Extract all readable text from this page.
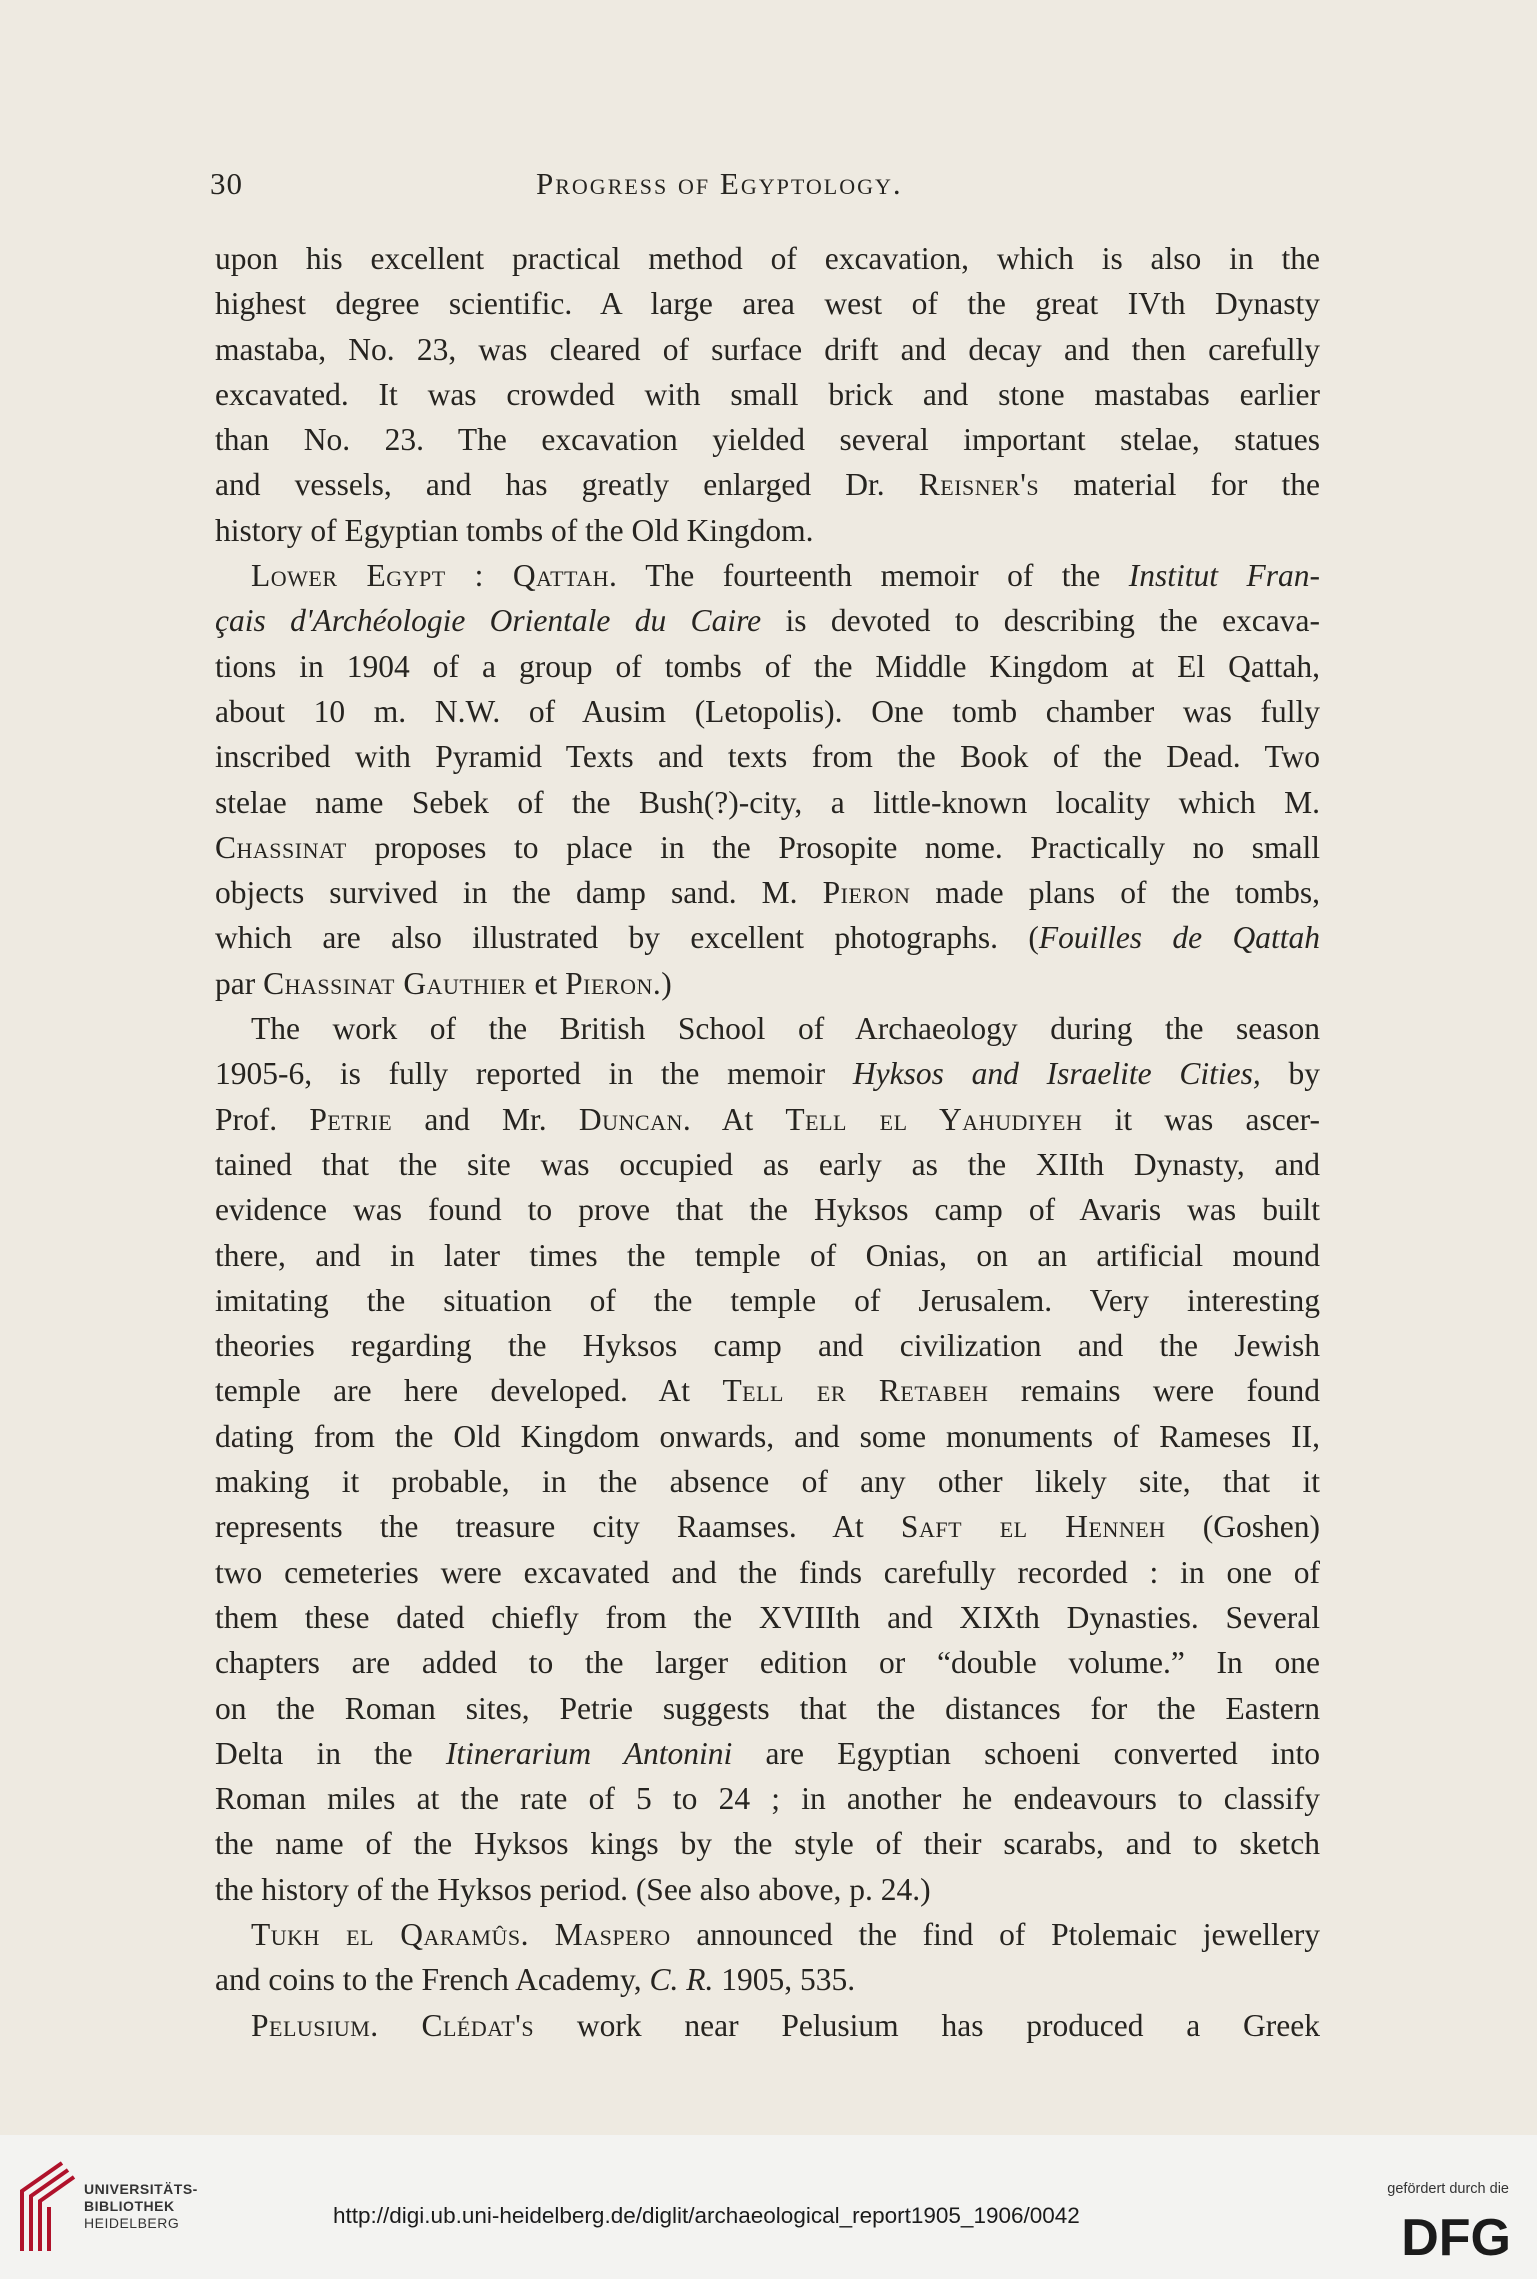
30	Progress of Egyptology.
upon his excellent practical method of excavation, which is also in the
highest degree scientific. A large area west of the great IVth Dynasty
mastaba, No. 23, was cleared of surface drift and decay and then carefully
excavated. It was crowded with small brick and stone mastabas earlier
than No. 23. The excavation yielded several important stelae, statues
and vessels, and has greatly enlarged Dr. Reisner's material for the
history of Egyptian tombs of the Old Kingdom.
Lower Egypt : Qattah. The fourteenth memoir of the Institut Fran-
çais d'Archéologie Orientale du Caire is devoted to describing the excava-
tions in 1904 of a group of tombs of the Middle Kingdom at El Qattah,
about 10 m. N.W. of Ausim (Letopolis). One tomb chamber was fully
inscribed with Pyramid Texts and texts from the Book of the Dead. Two
stelae name Sebek of the Bush(?)-city, a little-known locality which M.
Chassinat proposes to place in the Prosopite nome. Practically no small
objects survived in the damp sand. M. Pieron made plans of the tombs,
which are also illustrated by excellent photographs. (Fouilles de Qattah
par Chassinat Gauthier et Pieron.)
The work of the British School of Archaeology during the season
1905-6, is fully reported in the memoir Hyksos and Israelite Cities, by
Prof. Petrie and Mr. Duncan. At Tell el Yahudiyeh it was ascer-
tained that the site was occupied as early as the XIIth Dynasty, and
evidence was found to prove that the Hyksos camp of Avaris was built
there, and in later times the temple of Onias, on an artificial mound
imitating the situation of the temple of Jerusalem. Very interesting
theories regarding the Hyksos camp and civilization and the Jewish
temple are here developed. At Tell er Retabeh remains were found
dating from the Old Kingdom onwards, and some monuments of Rameses II,
making it probable, in the absence of any other likely site, that it
represents the treasure city Raamses. At Saft el Henneh (Goshen)
two cemeteries were excavated and the finds carefully recorded : in one of
them these dated chiefly from the XVIIIth and XIXth Dynasties. Several
chapters are added to the larger edition or “double volume.” In one
on the Roman sites, Petrie suggests that the distances for the Eastern
Delta in the Itinerarium Antonini are Egyptian schoeni converted into
Roman miles at the rate of 5 to 24 ; in another he endeavours to classify
the name of the Hyksos kings by the style of their scarabs, and to sketch
the history of the Hyksos period. (See also above, p. 24.)
Tukh el Qaramûs. Maspero announced the find of Ptolemaic jewellery
and coins to the French Academy, C. R. 1905, 535.
Pelusium. Clédat's work near Pelusium has produced a Greek
UNIVERSITÄTS-
BIBLIOTHEK
HEIDELBERG	http://digi.ub.uni-heidelberg.de/diglit/archaeological_report1905_1906/0042
gefördert durch die
DFG
